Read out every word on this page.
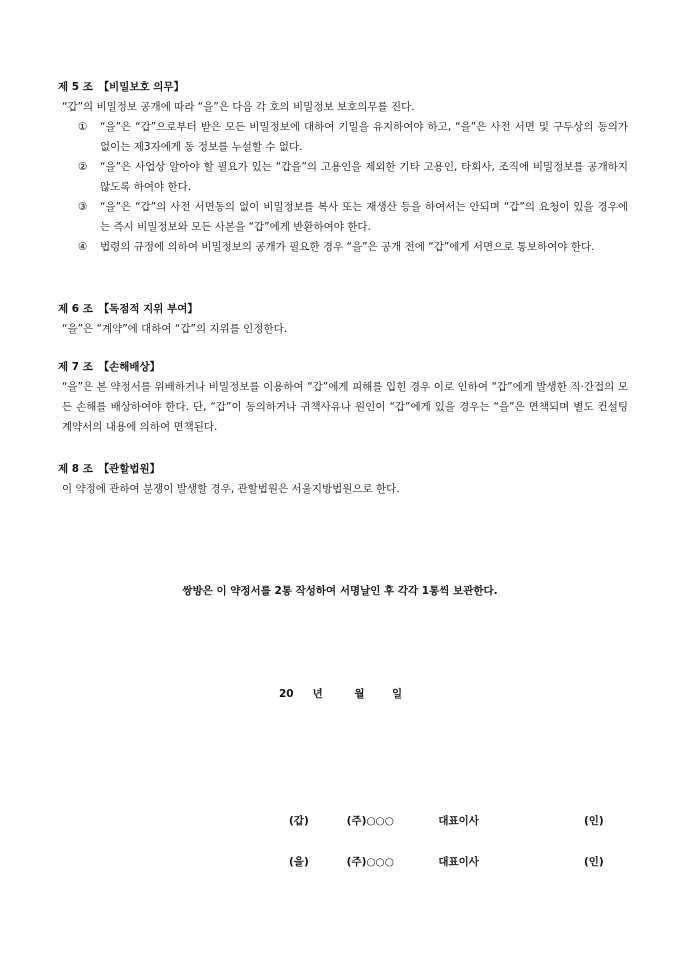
제 5 조 【비밀보호 의무】
“갑”의 비밀정보 공개에 따라 “을”은 다음 각 호의 비밀정보 보호의무를 진다.
①	“을”은 “갑”으로부터 받은 모든 비밀정보에 대하여 기밀을 유지하여야 하고, “을”은 사전 서면 및 구두상의 동의가 없이는 제3자에게 동 정보를 누설할 수 없다.
②	“을”은 사업상 알아야 할 필요가 있는 “갑을”의 고용인을 제외한 기타 고용인, 타회사, 조직에 비밀정보를 공개하지 않도록 하여야 한다.
③	“을”은 “갑”의 사전 서면동의 없이 비밀정보를 복사 또는 재생산 등을 하여서는 안되며 “갑”의 요청이 있을 경우에는 즉시 비밀정보와 모든 사본을 “갑”에게 반환하여야 한다.
④	법령의 규정에 의하여 비밀정보의 공개가 필요한 경우 “을”은 공개 전에 “갑”에게 서면으로 통보하여야 한다.
제 6 조 【독점적 지위 부여】
“을”은 “계약”에 대하여 “갑”의 지위를 인정한다.
제 7 조 【손해배상】
“을”은 본 약정서를 위배하거나 비밀정보를 이용하여 “갑”에게 피해를 입힌 경우 이로 인하여 “갑”에게 발생한 직·간접의 모든 손해를 배상하여야 한다. 단, “갑”이 동의하거나 귀책사유나 원인이 “갑”에게 있을 경우는 “을”은 면책되며 별도 컨설팅 계약서의 내용에 의하여 면책된다.
제 8 조 【관할법원】
이 약정에 관하여 분쟁이 발생할 경우, 관할법원은 서울지방법원으로 한다.
쌍방은 이 약정서를 2통 작성하여 서명날인 후 각각 1통씩 보관한다.
20 년	월	일
(갑)	(주)○○○	대표이사	(인)
(을)	(주)○○○	대표이사	(인)
